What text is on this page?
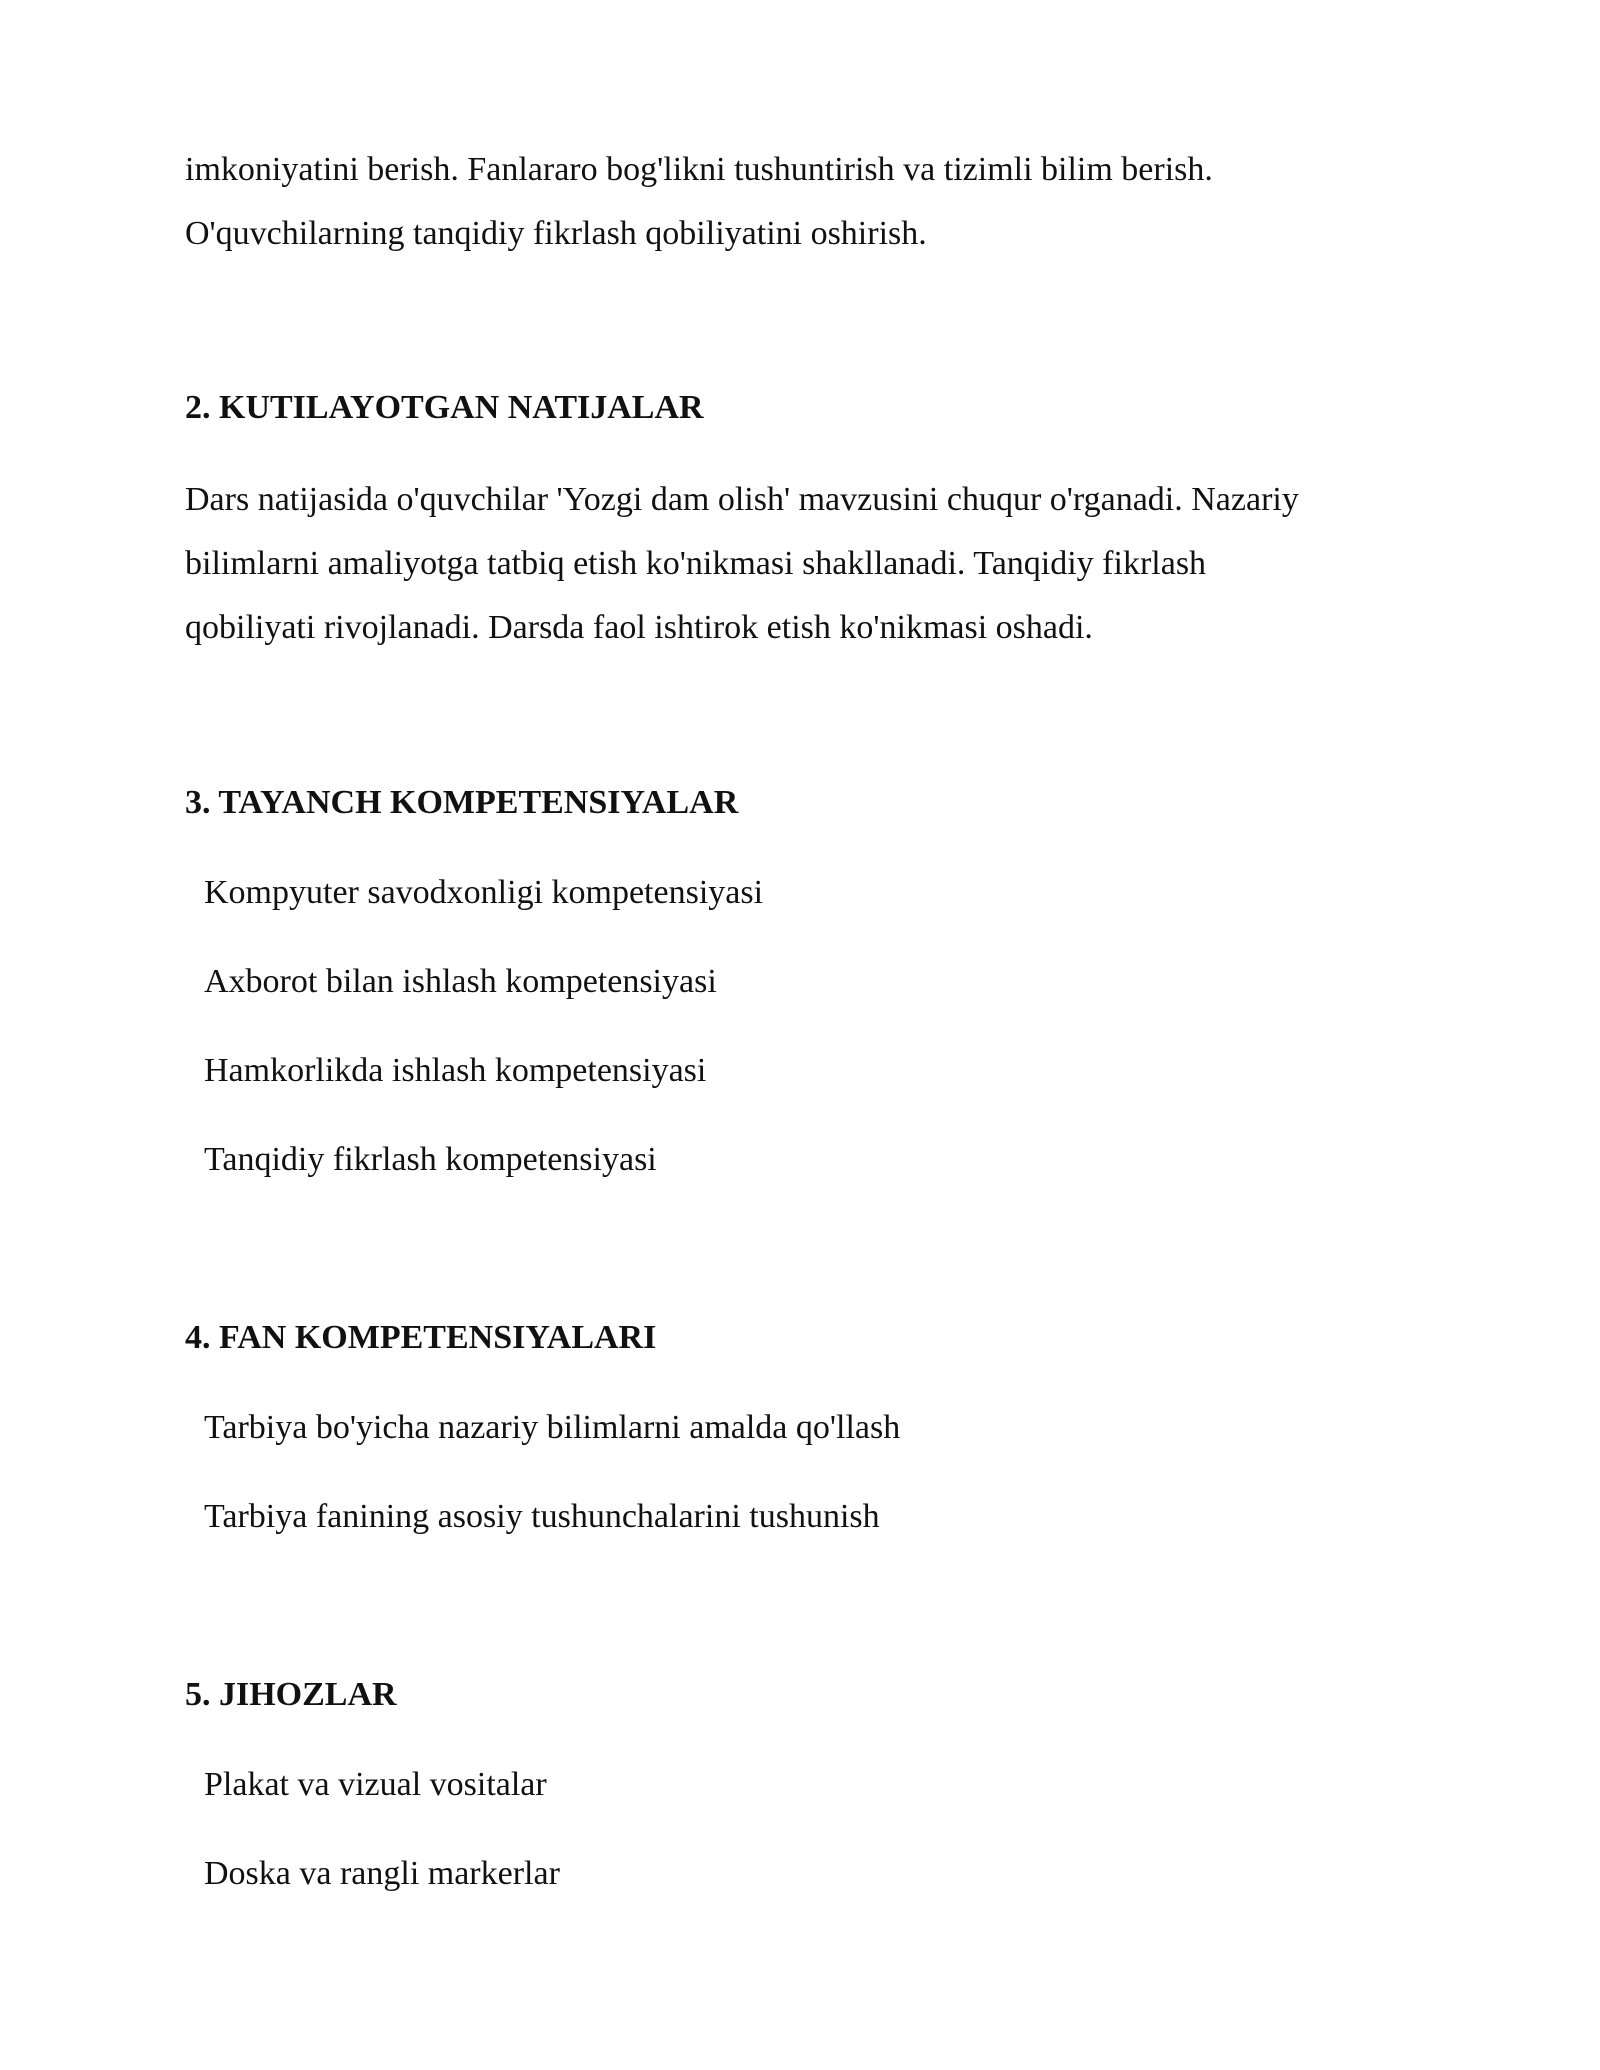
imkoniyatini berish. Fanlararo bog'likni tushuntirish va tizimli bilim berish.

O'quvchilarning tanqidiy fikrlash qobiliyatini oshirish.

2. KUTILAYOTGAN NATIJALAR

Dars natijasida o'quvchilar 'Yozgi dam olish' mavzusini chuqur o'rganadi. Nazariy

bilimlarni amaliyotga tatbiq etish ko'nikmasi shakllanadi. Tanqidiy fikrlash

qobiliyati rivojlanadi. Darsda faol ishtirok etish ko'nikmasi oshadi.

3. TAYANCH KOMPETENSIYALAR

Kompyuter savodxonligi kompetensiyasi

Axborot bilan ishlash kompetensiyasi

Hamkorlikda ishlash kompetensiyasi

Tanqidiy fikrlash kompetensiyasi

4. FAN KOMPETENSIYALARI

Tarbiya bo'yicha nazariy bilimlarni amalda qo'llash

Tarbiya fanining asosiy tushunchalarini tushunish

5. JIHOZLAR

Plakat va vizual vositalar

Doska va rangli markerlar
